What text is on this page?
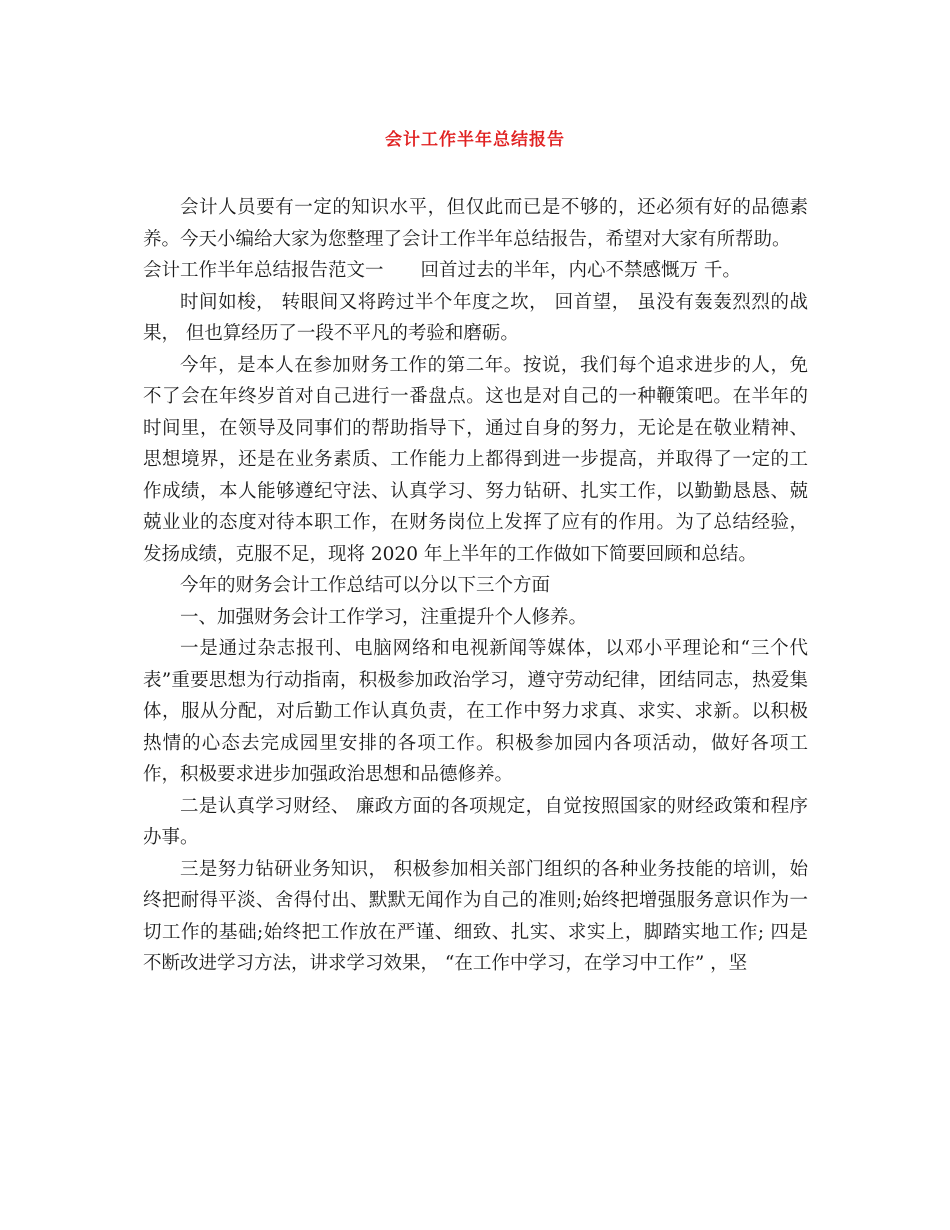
会计工作半年总结报告

会计人员要有一定的知识水平，但仅此而已是不够的，还必须有好的品德素养。今天小编给大家为您整理了会计工作半年总结报告，希望对大家有所帮助。

会计工作半年总结报告范文一　　回首过去的半年，内心不禁感慨万 千。

时间如梭， 转眼间又将跨过半个年度之坎， 回首望， 虽没有轰轰烈烈的战果， 但也算经历了一段不平凡的考验和磨砺。

今年，是本人在参加财务工作的第二年。按说，我们每个追求进步的人，免不了会在年终岁首对自己进行一番盘点。这也是对自己的一种鞭策吧。在半年的时间里，在领导及同事们的帮助指导下，通过自身的努力，无论是在敬业精神、思想境界，还是在业务素质、工作能力上都得到进一步提高，并取得了一定的工作成绩，本人能够遵纪守法、认真学习、努力钻研、扎实工作，以勤勤恳恳、兢兢业业的态度对待本职工作，在财务岗位上发挥了应有的作用。为了总结经验，发扬成绩，克服不足，现将 2020 年上半年的工作做如下简要回顾和总结。

今年的财务会计工作总结可以分以下三个方面

一、加强财务会计工作学习，注重提升个人修养。

一是通过杂志报刊、电脑网络和电视新闻等媒体，以邓小平理论和“三个代表”重要思想为行动指南，积极参加政治学习，遵守劳动纪律，团结同志，热爱集体，服从分配，对后勤工作认真负责，在工作中努力求真、求实、求新。以积极热情的心态去完成园里安排的各项工作。积极参加园内各项活动，做好各项工作，积极要求进步加强政治思想和品德修养。

二是认真学习财经、 廉政方面的各项规定，自觉按照国家的财经政策和程序办事。

三是努力钻研业务知识， 积极参加相关部门组织的各种业务技能的培训，始终把耐得平淡、舍得付出、默默无闻作为自己的准则;始终把增强服务意识作为一切工作的基础;始终把工作放在严谨、细致、扎实、求实上，脚踏实地工作; 四是不断改进学习方法，讲求学习效果， “在工作中学习，在学习中工作” ，坚
